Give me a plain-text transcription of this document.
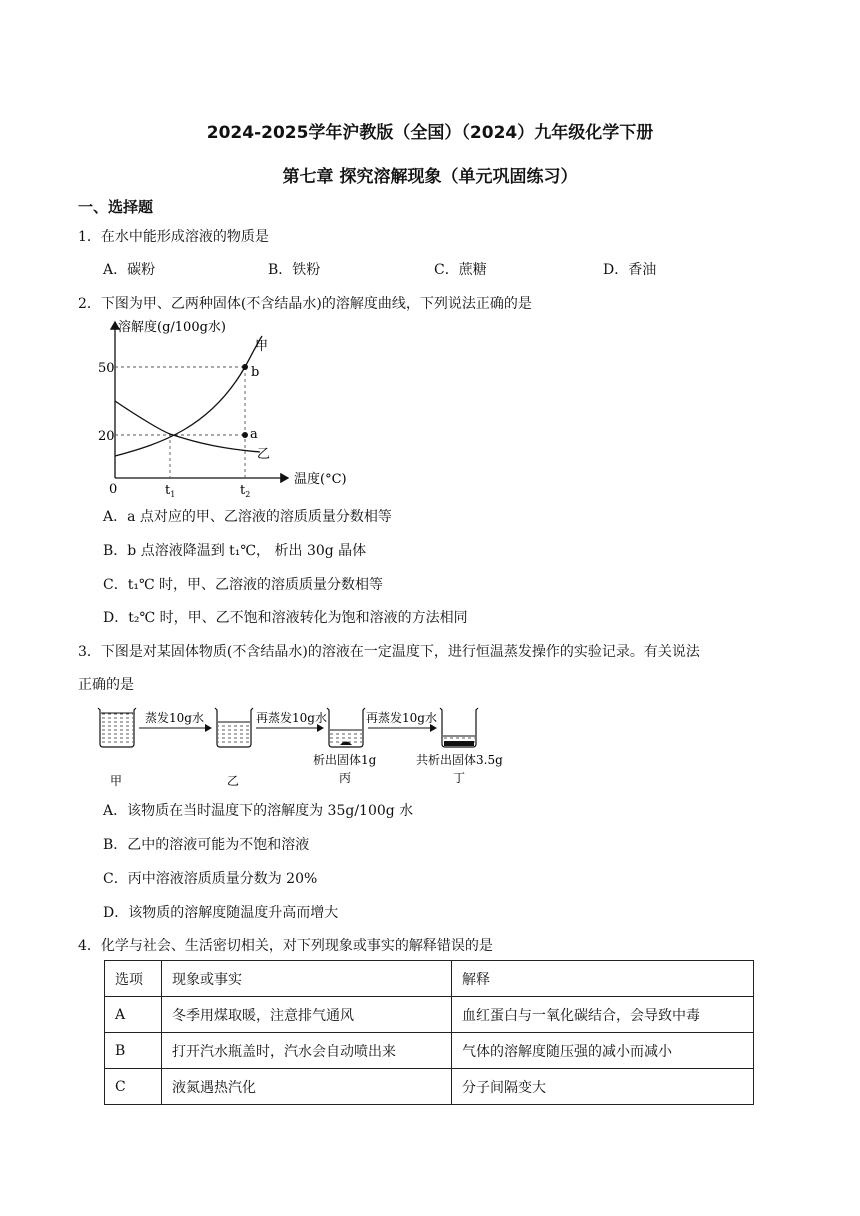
2024-2025学年沪教版（全国）（2024）九年级化学下册
第七章 探究溶解现象（单元巩固练习）
一、选择题
1．在水中能形成溶液的物质是
A．碳粉	B．铁粉	C．蔗糖	D．香油
2．下图为甲、乙两种固体(不含结晶水)的溶解度曲线，下列说法正确的是
溶解度(g/100g水)
温度(°C)
0
50
20
$t_1$	$t_2$
甲
乙
b
a
A．a 点对应的甲、乙溶液的溶质质量分数相等
B．b 点溶液降温到 t₁℃， 析出 30g 晶体
C．t₁℃ 时，甲、乙溶液的溶质质量分数相等
D．t₂℃ 时，甲、乙不饱和溶液转化为饱和溶液的方法相同
3．下图是对某固体物质(不含结晶水)的溶液在一定温度下，进行恒温蒸发操作的实验记录。有关说法
正确的是
蒸发10g水	再蒸发10g水	再蒸发10g水
析出固体1g	共析出固体3.5g
甲	乙	丙	丁
A．该物质在当时温度下的溶解度为 35g/100g 水
B．乙中的溶液可能为不饱和溶液
C．丙中溶液溶质质量分数为 20%
D．该物质的溶解度随温度升高而增大
4．化学与社会、生活密切相关，对下列现象或事实的解释错误的是
选项	现象或事实	解释
A	冬季用煤取暖，注意排气通风	血红蛋白与一氧化碳结合，会导致中毒
B	打开汽水瓶盖时，汽水会自动喷出来	气体的溶解度随压强的减小而减小
C	液氮遇热汽化	分子间隔变大
